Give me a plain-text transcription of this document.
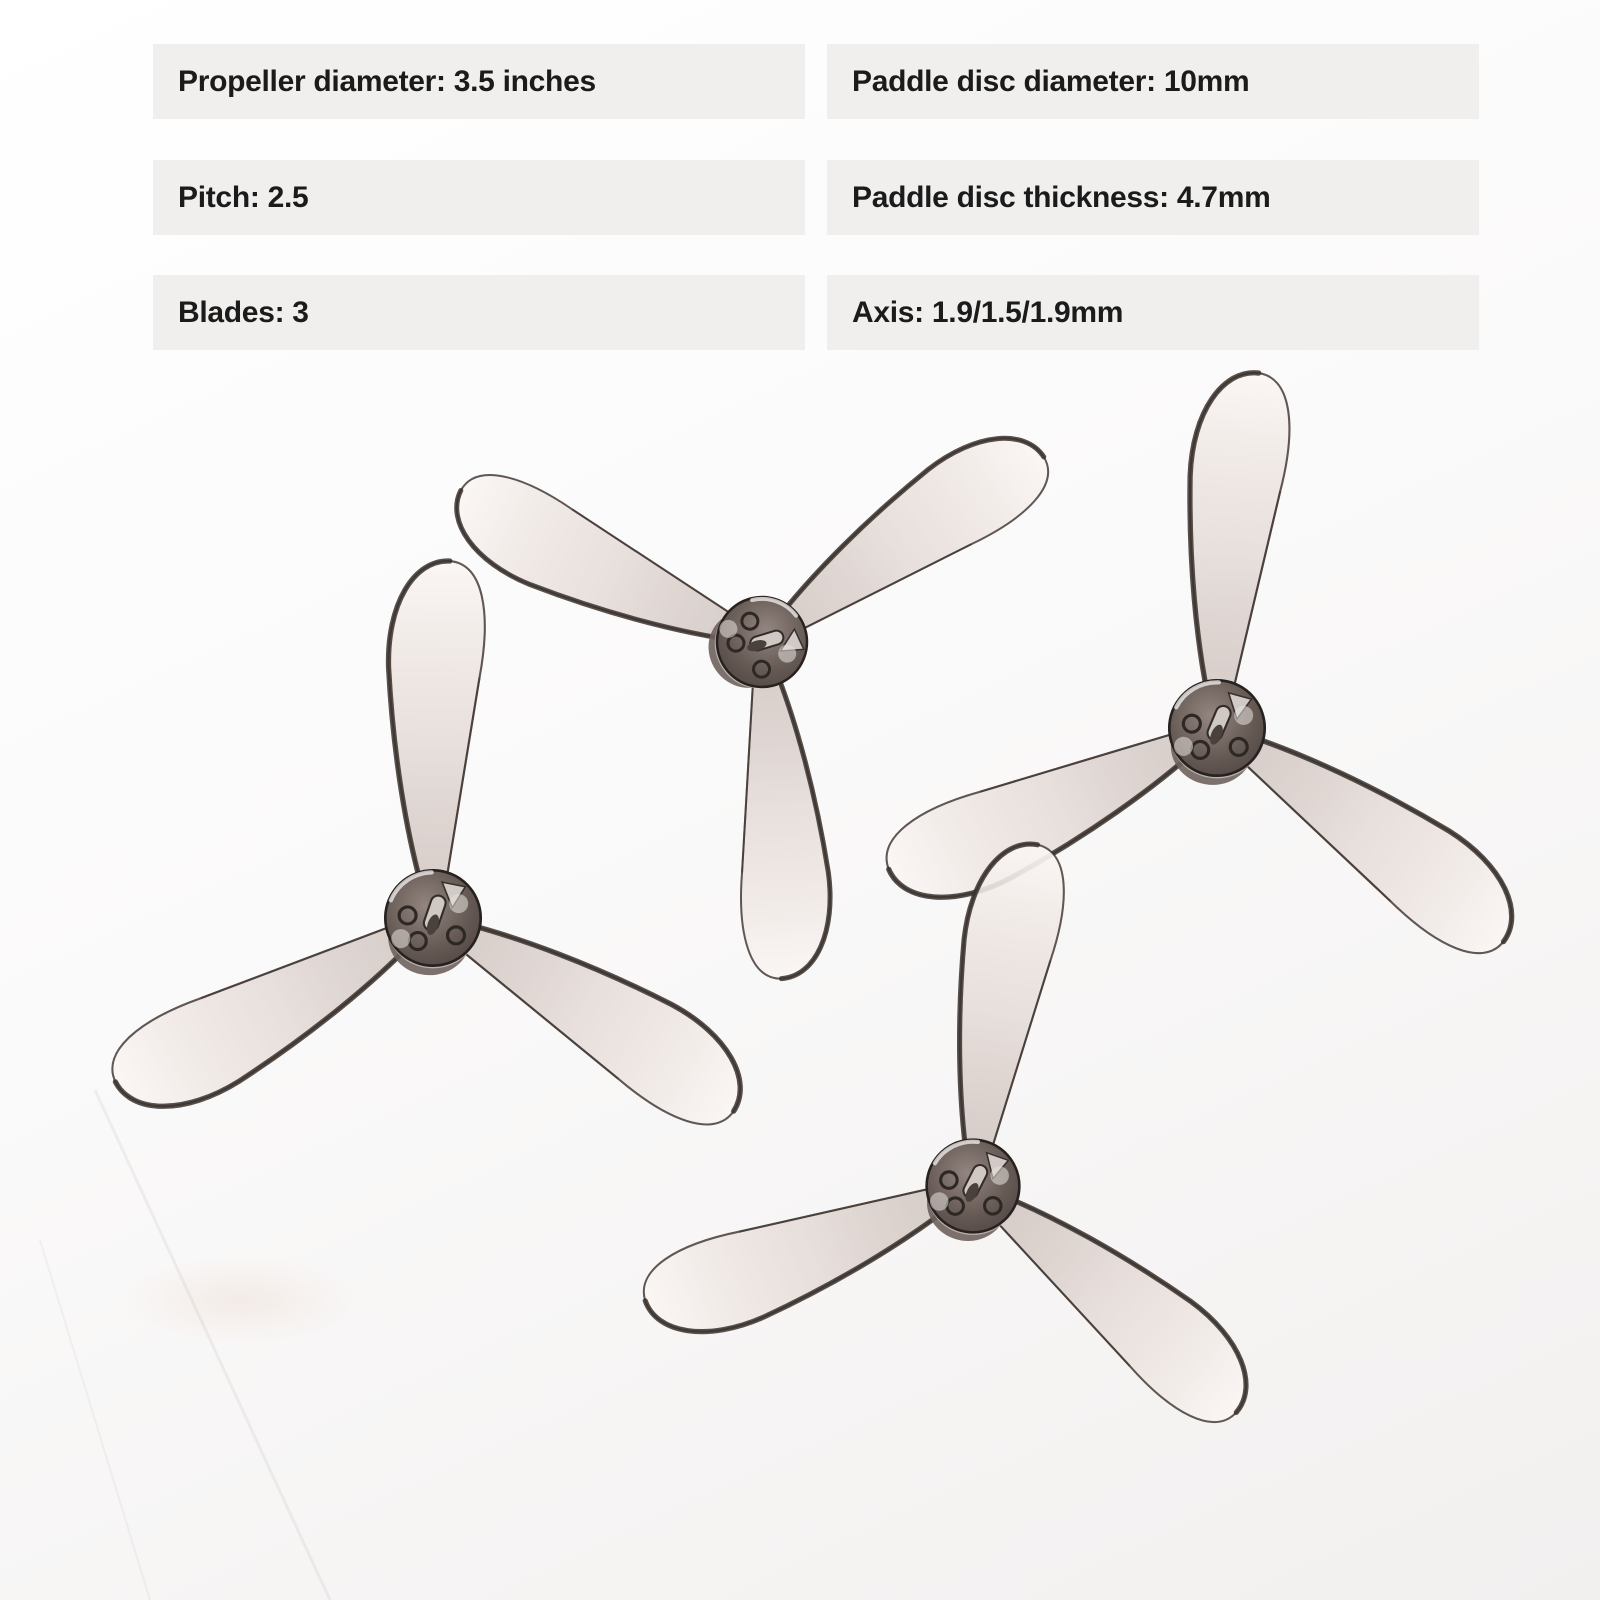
Propeller diameter: 3.5 inches
Pitch: 2.5
Blades: 3
Paddle disc diameter: 10mm
Paddle disc thickness: 4.7mm
Axis: 1.9/1.5/1.9mm
